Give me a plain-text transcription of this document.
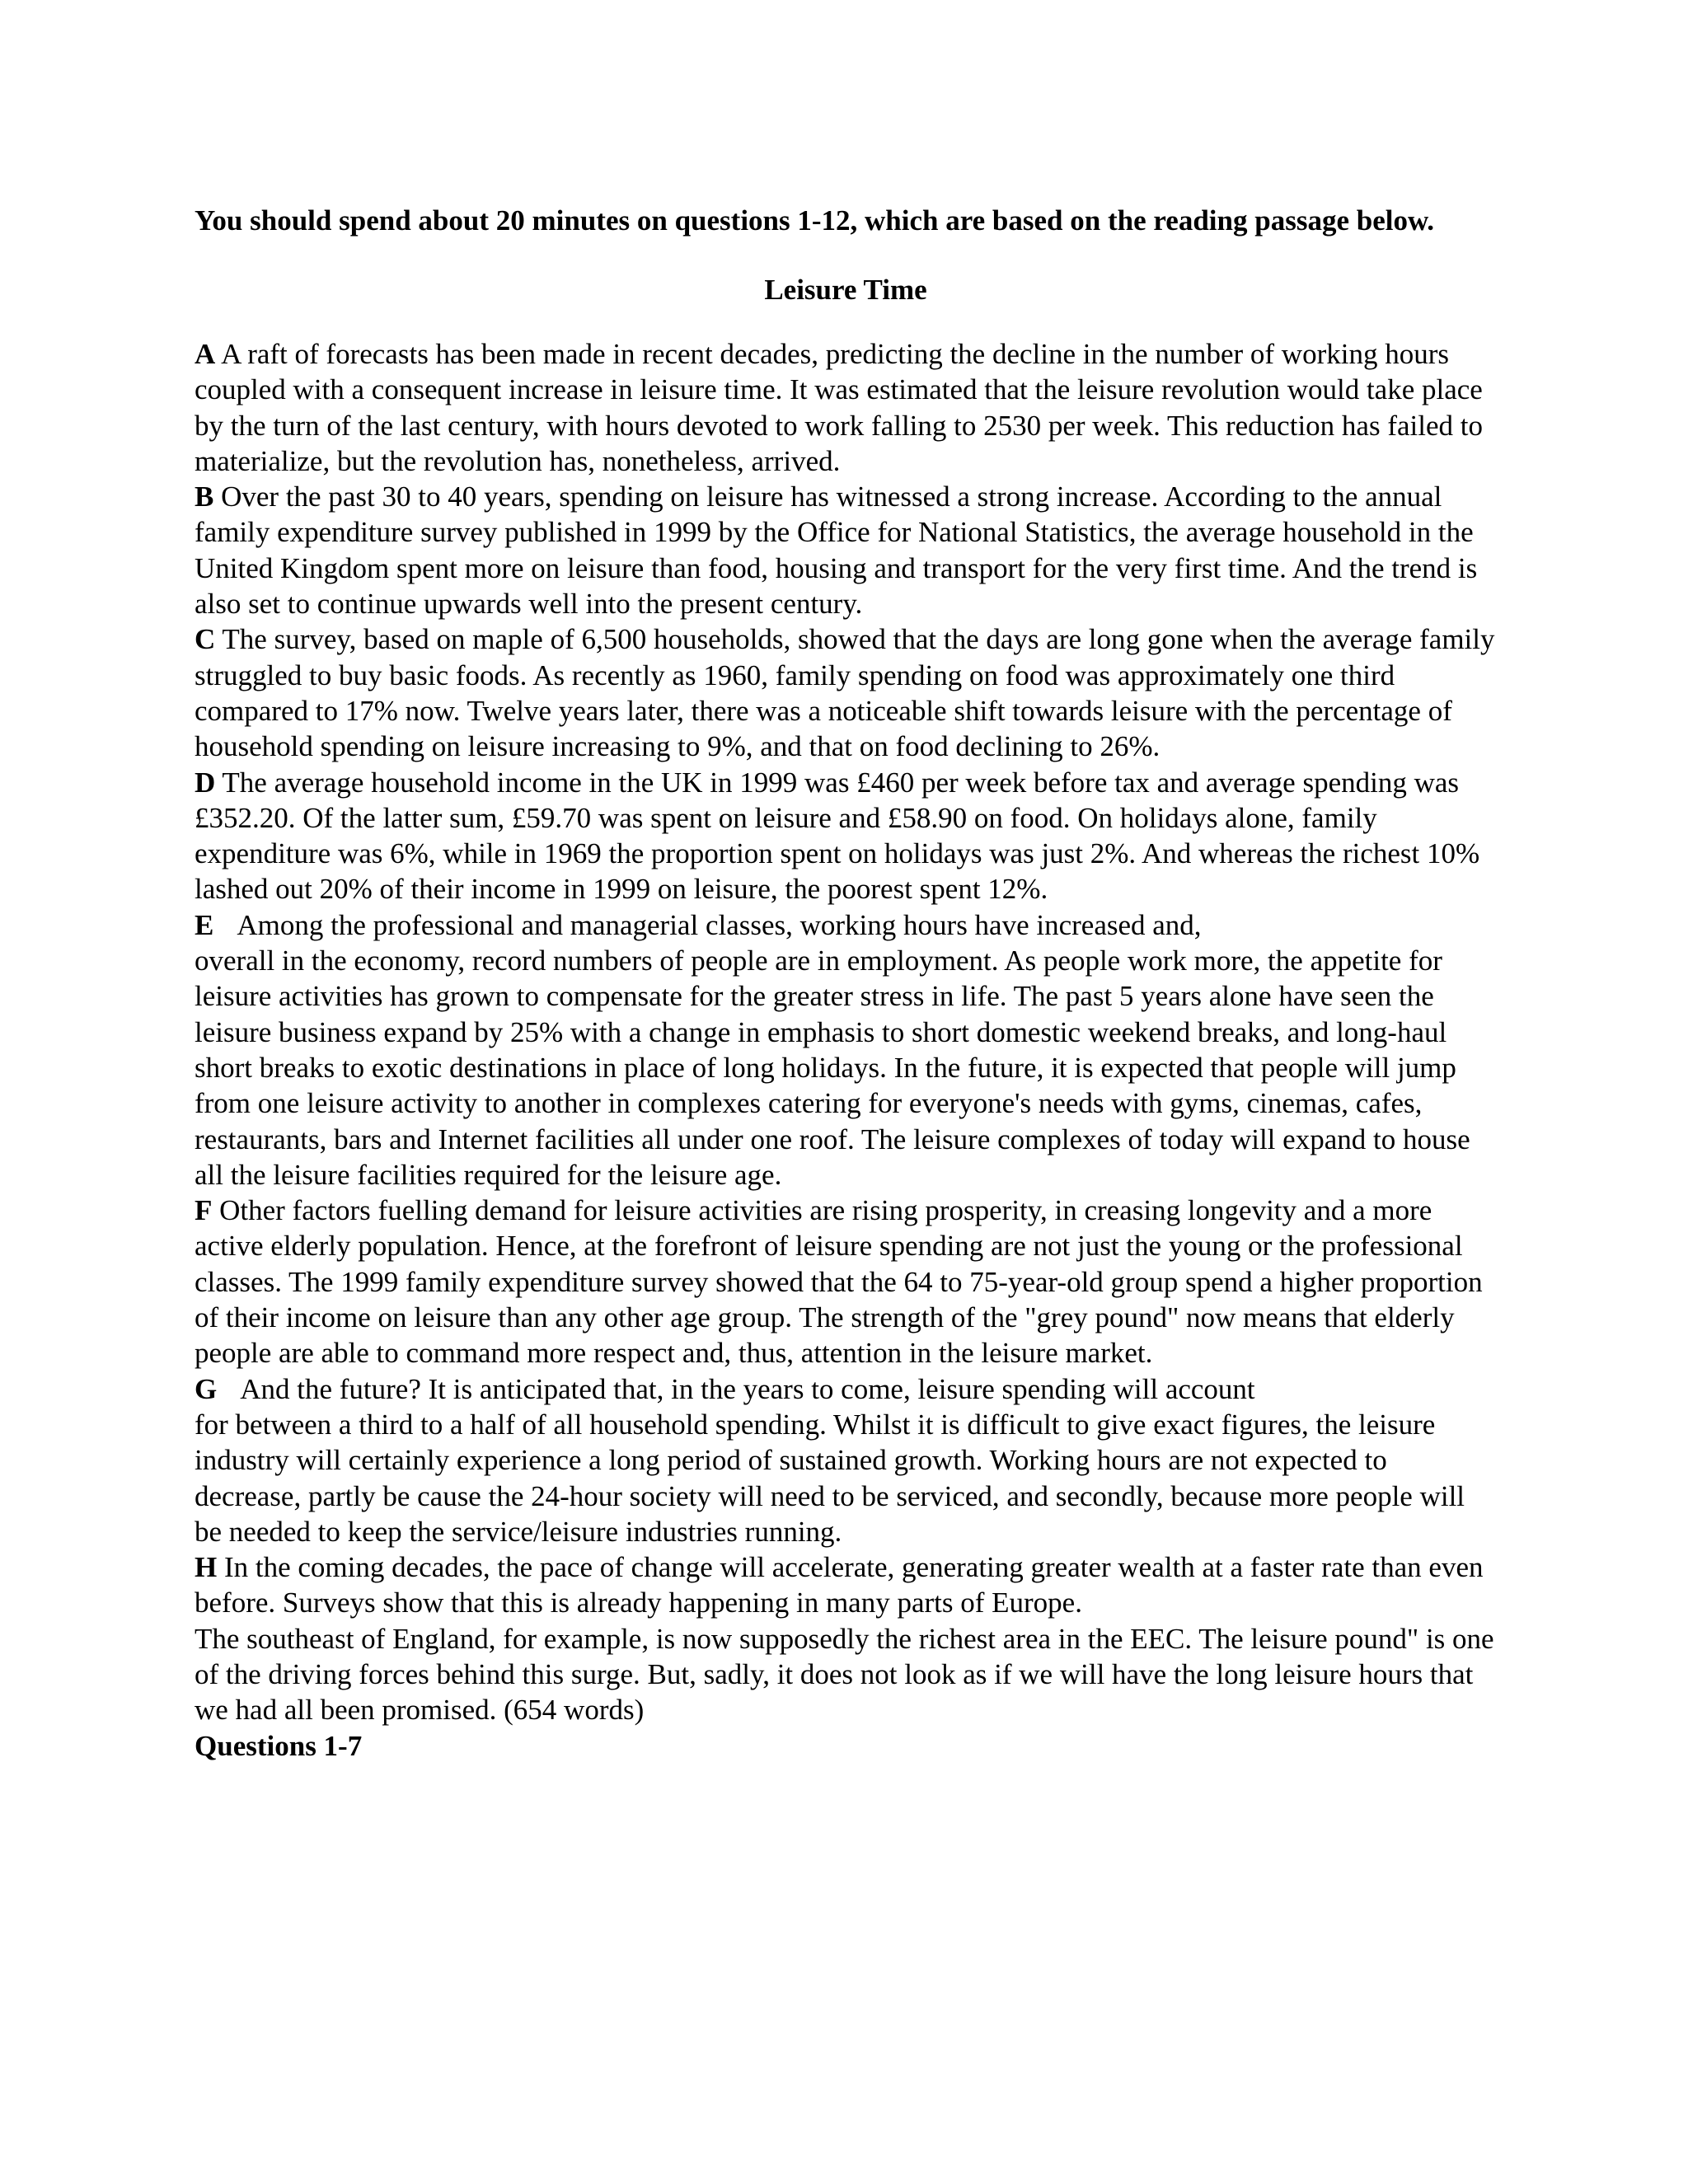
You should spend about 20 minutes on questions 1-12, which are based on the reading passage below.

Leisure Time

A A raft of forecasts has been made in recent decades, predicting the decline in the number of working hours coupled with a consequent increase in leisure time. It was estimated that the leisure revolution would take place by the turn of the last century, with hours devoted to work falling to 2530 per week. This reduction has failed to materialize, but the revolution has, nonetheless, arrived.

B Over the past 30 to 40 years, spending on leisure has witnessed a strong increase. According to the annual family expenditure survey published in 1999 by the Office for National Statistics, the average household in the United Kingdom spent more on leisure than food, housing and transport for the very first time. And the trend is also set to continue upwards well into the present century.

C The survey, based on maple of 6,500 households, showed that the days are long gone when the average family struggled to buy basic foods. As recently as 1960, family spending on food was approximately one third compared to 17% now. Twelve years later, there was a noticeable shift towards leisure with the percentage of household spending on leisure increasing to 9%, and that on food declining to 26%.

D The average household income in the UK in 1999 was £460 per week before tax and average spending was £352.20. Of the latter sum, £59.70 was spent on leisure and £58.90 on food. On holidays alone, family expenditure was 6%, while in 1969 the proportion spent on holidays was just 2%. And whereas the richest 10% lashed out 20% of their income in 1999 on leisure, the poorest spent 12%.

E Among the professional and managerial classes, working hours have increased and,
overall in the economy, record numbers of people are in employment. As people work more, the appetite for leisure activities has grown to compensate for the greater stress in life. The past 5 years alone have seen the leisure business expand by 25% with a change in emphasis to short domestic weekend breaks, and long-haul short breaks to exotic destinations in place of long holidays. In the future, it is expected that people will jump from one leisure activity to another in complexes catering for everyone's needs with gyms, cinemas, cafes, restaurants, bars and Internet facilities all under one roof. The leisure complexes of today will expand to house all the leisure facilities required for the leisure age.

F Other factors fuelling demand for leisure activities are rising prosperity, in creasing longevity and a more active elderly population. Hence, at the forefront of leisure spending are not just the young or the professional classes. The 1999 family expenditure survey showed that the 64 to 75-year-old group spend a higher proportion of their income on leisure than any other age group. The strength of the "grey pound" now means that elderly people are able to command more respect and, thus, attention in the leisure market.

G And the future? It is anticipated that, in the years to come, leisure spending will account
for between a third to a half of all household spending. Whilst it is difficult to give exact figures, the leisure industry will certainly experience a long period of sustained growth. Working hours are not expected to decrease, partly be cause the 24-hour society will need to be serviced, and secondly, because more people will be needed to keep the service/leisure industries running.

H In the coming decades, the pace of change will accelerate, generating greater wealth at a faster rate than even before. Surveys show that this is already happening in many parts of Europe.

The southeast of England, for example, is now supposedly the richest area in the EEC. The leisure pound" is one of the driving forces behind this surge. But, sadly, it does not look as if we will have the long leisure hours that we had all been promised. (654 words)

Questions 1-7
